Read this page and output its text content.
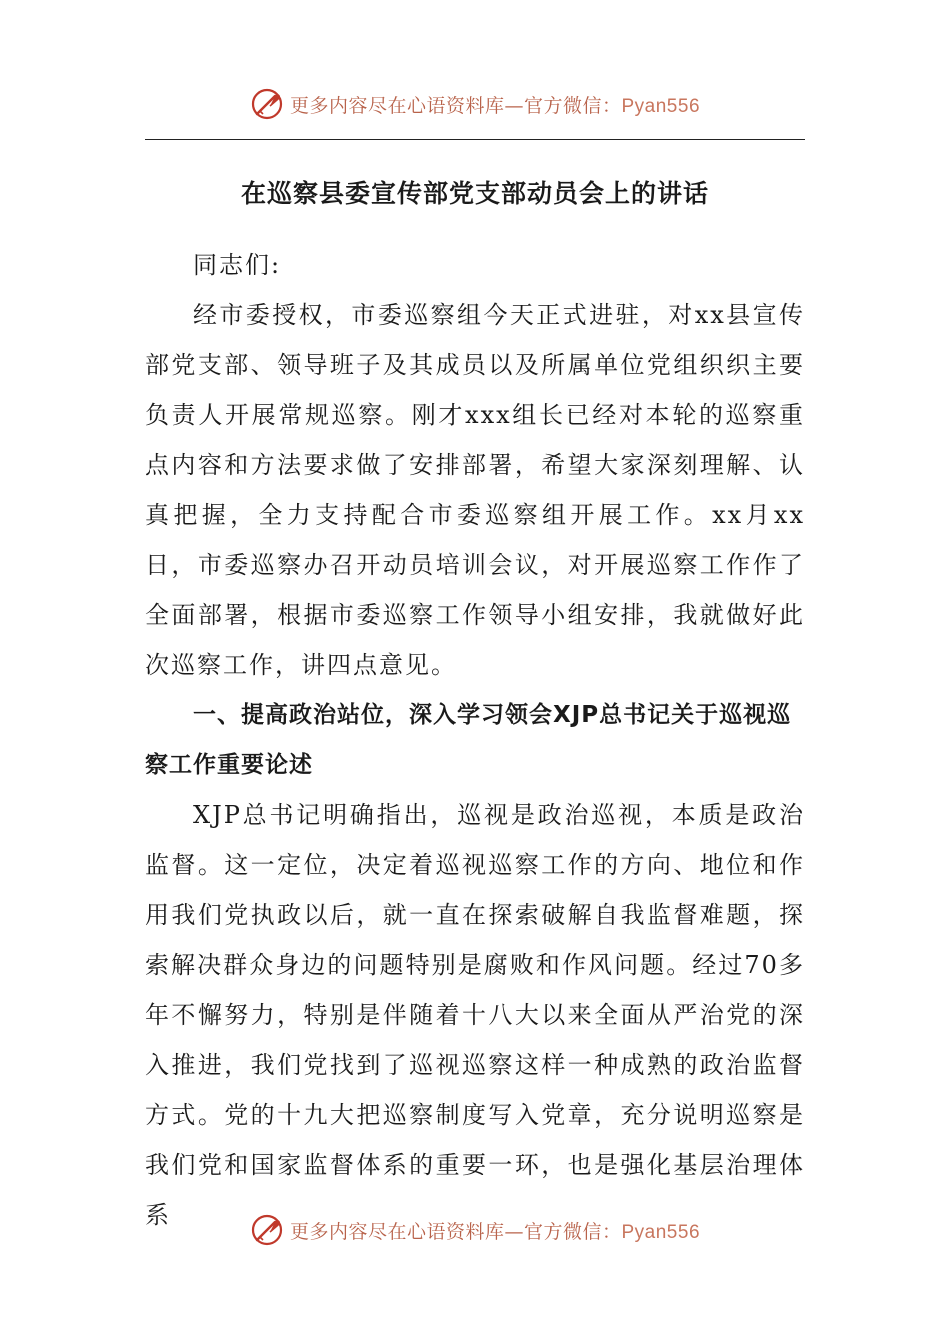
更多内容尽在心语资料库—官方微信：Pyan556
在巡察县委宣传部党支部动员会上的讲话

同志们:

经市委授权，市委巡察组今天正式进驻，对xx县宣传部党支部、领导班子及其成员以及所属单位党组织织主要负责人开展常规巡察。刚才xxx组长已经对本轮的巡察重点内容和方法要求做了安排部署，希望大家深刻理解、认真把握，全力支持配合市委巡察组开展工作。xx月xx日，市委巡察办召开动员培训会议，对开展巡察工作作了全面部署，根据市委巡察工作领导小组安排，我就做好此次巡察工作，讲四点意见。

一、提高政治站位，深入学习领会XJP总书记关于巡视巡察工作重要论述

XJP总书记明确指出，巡视是政治巡视，本质是政治监督。这一定位，决定着巡视巡察工作的方向、地位和作用我们党执政以后，就一直在探索破解自我监督难题，探索解决群众身边的问题特别是腐败和作风问题。经过70多年不懈努力，特别是伴随着十八大以来全面从严治党的深入推进，我们党找到了巡视巡察这样一种成熟的政治监督方式。党的十九大把巡察制度写入党章，充分说明巡察是我们党和国家监督体系的重要一环，也是强化基层治理体系

更多内容尽在心语资料库—官方微信：Pyan556
